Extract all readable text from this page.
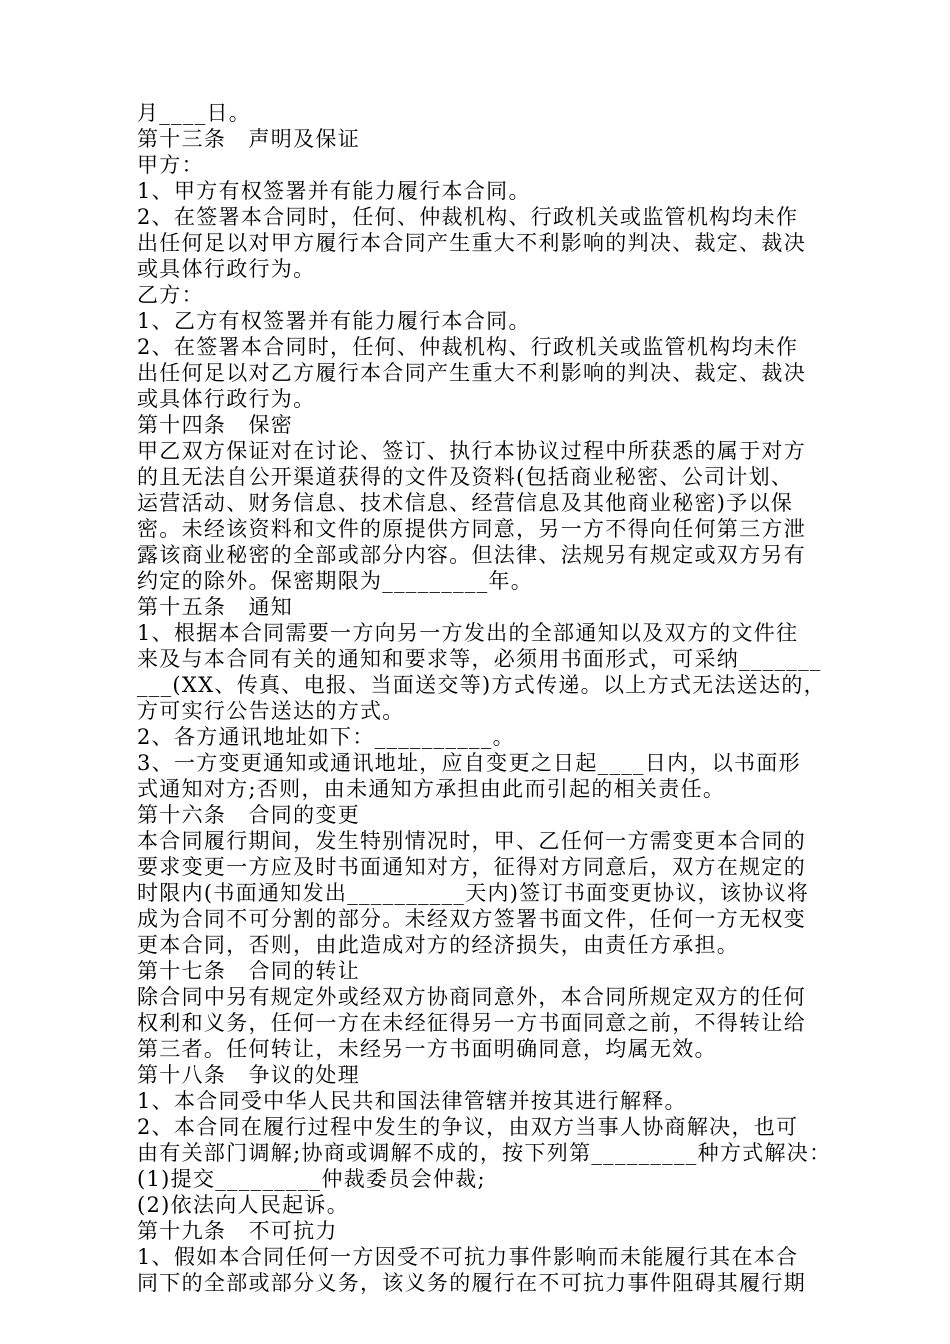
月____日。
第十三条　声明及保证
甲方：
1、甲方有权签署并有能力履行本合同。
2、在签署本合同时，任何、仲裁机构、行政机关或监管机构均未作
出任何足以对甲方履行本合同产生重大不利影响的判决、裁定、裁决
或具体行政行为。
乙方：
1、乙方有权签署并有能力履行本合同。
2、在签署本合同时，任何、仲裁机构、行政机关或监管机构均未作
出任何足以对乙方履行本合同产生重大不利影响的判决、裁定、裁决
或具体行政行为。
第十四条　保密
甲乙双方保证对在讨论、签订、执行本协议过程中所获悉的属于对方
的且无法自公开渠道获得的文件及资料(包括商业秘密、公司计划、
运营活动、财务信息、技术信息、经营信息及其他商业秘密)予以保
密。未经该资料和文件的原提供方同意，另一方不得向任何第三方泄
露该商业秘密的全部或部分内容。但法律、法规另有规定或双方另有
约定的除外。保密期限为_________年。
第十五条　通知
1、根据本合同需要一方向另一方发出的全部通知以及双方的文件往
来及与本合同有关的通知和要求等，必须用书面形式，可采纳_______
___(XX、传真、电报、当面送交等)方式传递。以上方式无法送达的，
方可实行公告送达的方式。
2、各方通讯地址如下：__________。
3、一方变更通知或通讯地址，应自变更之日起____日内，以书面形
式通知对方;否则，由未通知方承担由此而引起的相关责任。
第十六条　合同的变更
本合同履行期间，发生特别情况时，甲、乙任何一方需变更本合同的
要求变更一方应及时书面通知对方，征得对方同意后，双方在规定的
时限内(书面通知发出__________天内)签订书面变更协议，该协议将
成为合同不可分割的部分。未经双方签署书面文件，任何一方无权变
更本合同，否则，由此造成对方的经济损失，由责任方承担。
第十七条　合同的转让
除合同中另有规定外或经双方协商同意外，本合同所规定双方的任何
权利和义务，任何一方在未经征得另一方书面同意之前，不得转让给
第三者。任何转让，未经另一方书面明确同意，均属无效。
第十八条　争议的处理
1、本合同受中华人民共和国法律管辖并按其进行解释。
2、本合同在履行过程中发生的争议，由双方当事人协商解决，也可
由有关部门调解;协商或调解不成的，按下列第_________种方式解决：
(1)提交_________仲裁委员会仲裁;
(2)依法向人民起诉。
第十九条　不可抗力
1、假如本合同任何一方因受不可抗力事件影响而未能履行其在本合
同下的全部或部分义务，该义务的履行在不可抗力事件阻碍其履行期
